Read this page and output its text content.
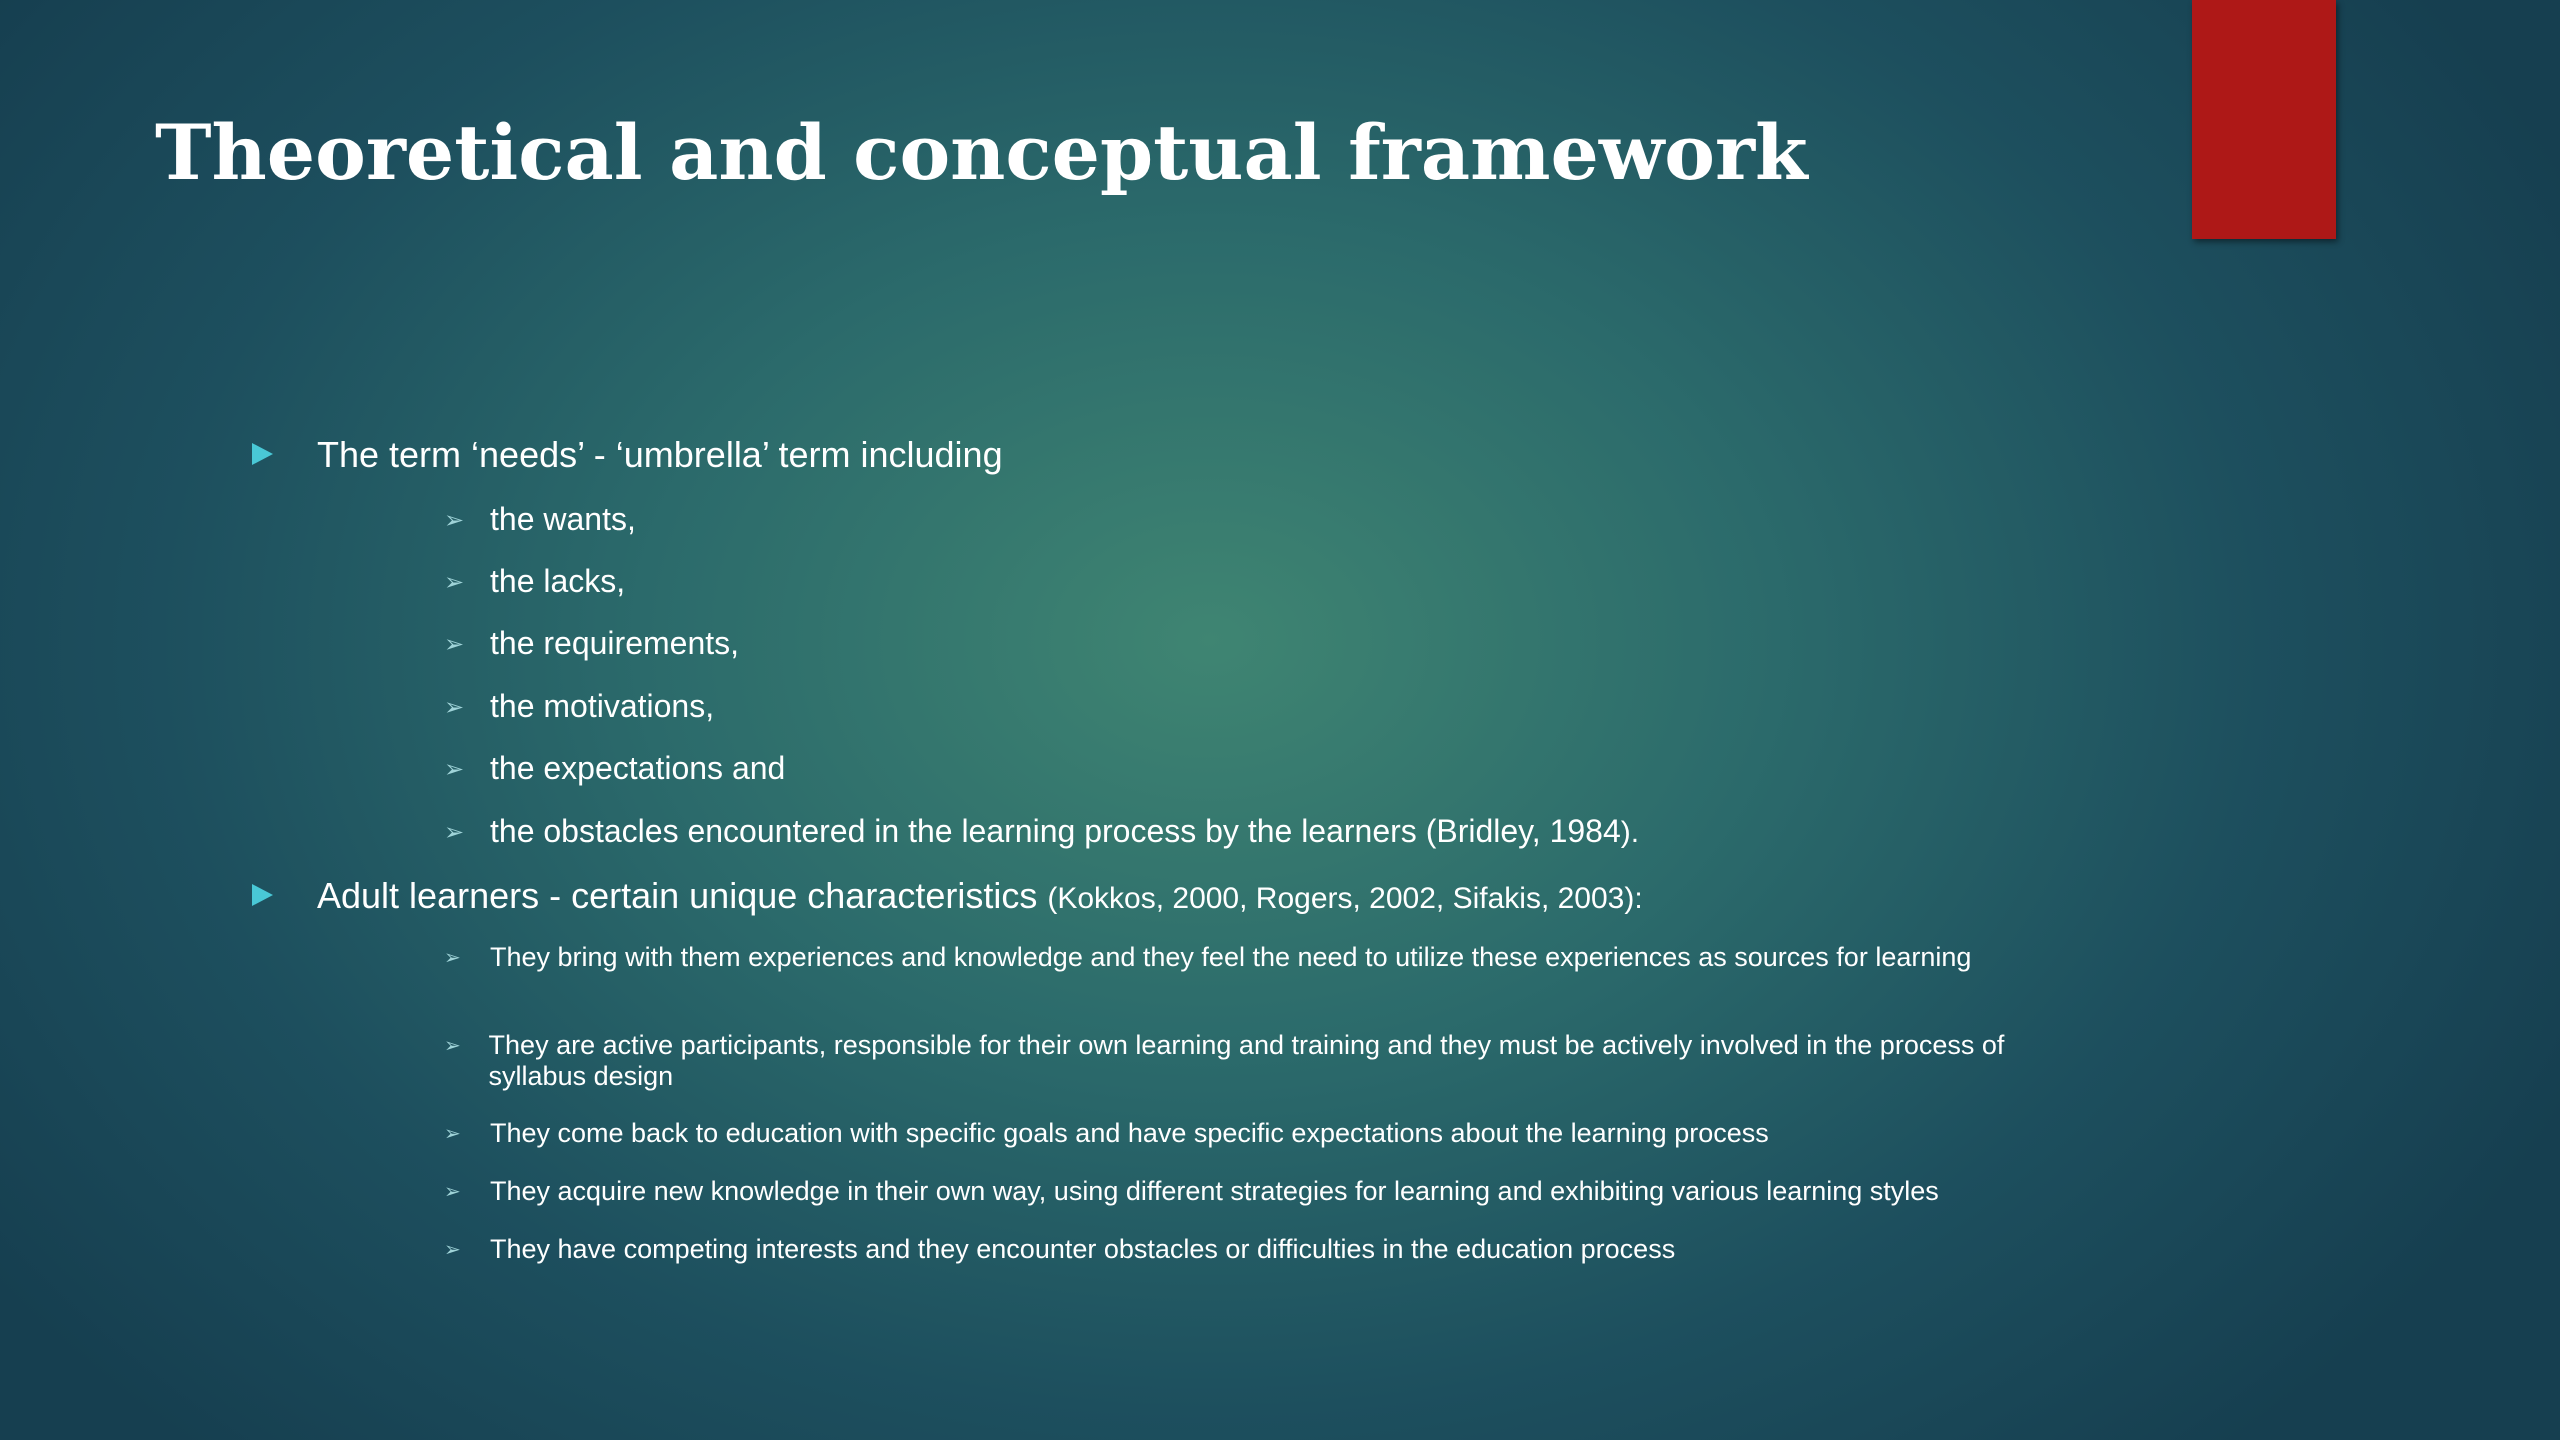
Theoretical and conceptual framework
The term ‘needs’ - ‘umbrella’ term including
➢ the wants,
➢ the lacks,
➢ the requirements,
➢ the motivations,
➢ the expectations and
➢ the obstacles encountered in the learning process by the learners (Bridley, 1984).
Adult learners - certain unique characteristics (Kokkos, 2000, Rogers, 2002, Sifakis, 2003):
➢ They bring with them experiences and knowledge and they feel the need to utilize these experiences as sources for learning
➢ They are active participants, responsible for their own learning and training and they must be actively involved in the process of syllabus design
➢ They come back to education with specific goals and have specific expectations about the learning process
➢ They acquire new knowledge in their own way, using different strategies for learning and exhibiting various learning styles
➢ They have competing interests and they encounter obstacles or difficulties in the education process
